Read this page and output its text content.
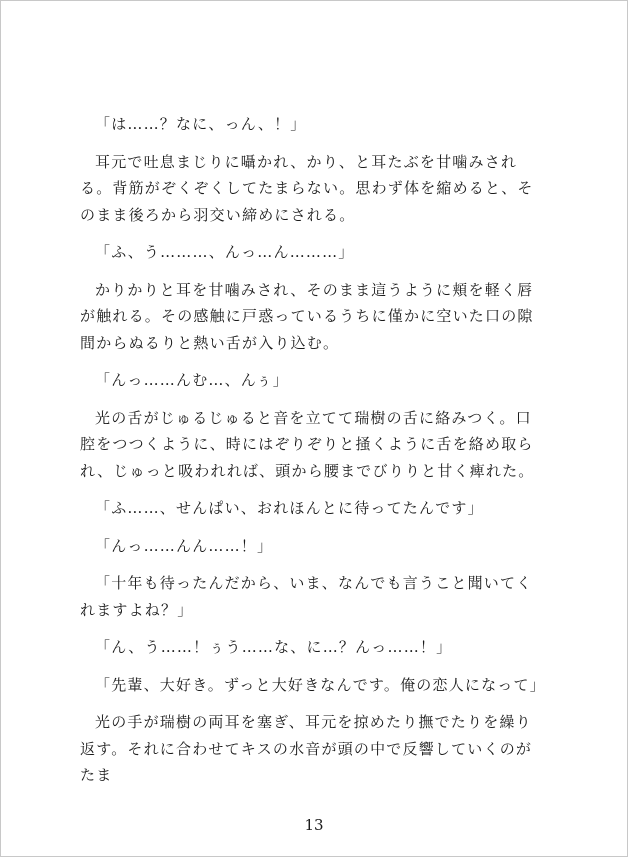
「は……？なに、っん、！」

耳元で吐息まじりに囁かれ、かり、と耳たぶを甘噛みされる。背筋がぞくぞくしてたまらない。思わず体を縮めると、そのまま後ろから羽交い締めにされる。

「ふ、う………、んっ…ん………」

かりかりと耳を甘噛みされ、そのまま這うように頬を軽く唇が触れる。その感触に戸惑っているうちに僅かに空いた口の隙間からぬるりと熱い舌が入り込む。

「んっ……んむ…、んぅ」

光の舌がじゅるじゅると音を立てて瑞樹の舌に絡みつく。口腔をつつくように、時にはぞりぞりと掻くように舌を絡め取られ、じゅっと吸われれば、頭から腰までびりりと甘く痺れた。

「ふ……、せんぱい、おれほんとに待ってたんです」

「んっ……んん……！」

「十年も待ったんだから、いま、なんでも言うこと聞いてくれますよね？」

「ん、う……！ぅう……な、に…？んっ……！」

「先輩、大好き。ずっと大好きなんです。俺の恋人になって」

光の手が瑞樹の両耳を塞ぎ、耳元を掠めたり撫でたりを繰り返す。それに合わせてキスの水音が頭の中で反響していくのがたま

13
